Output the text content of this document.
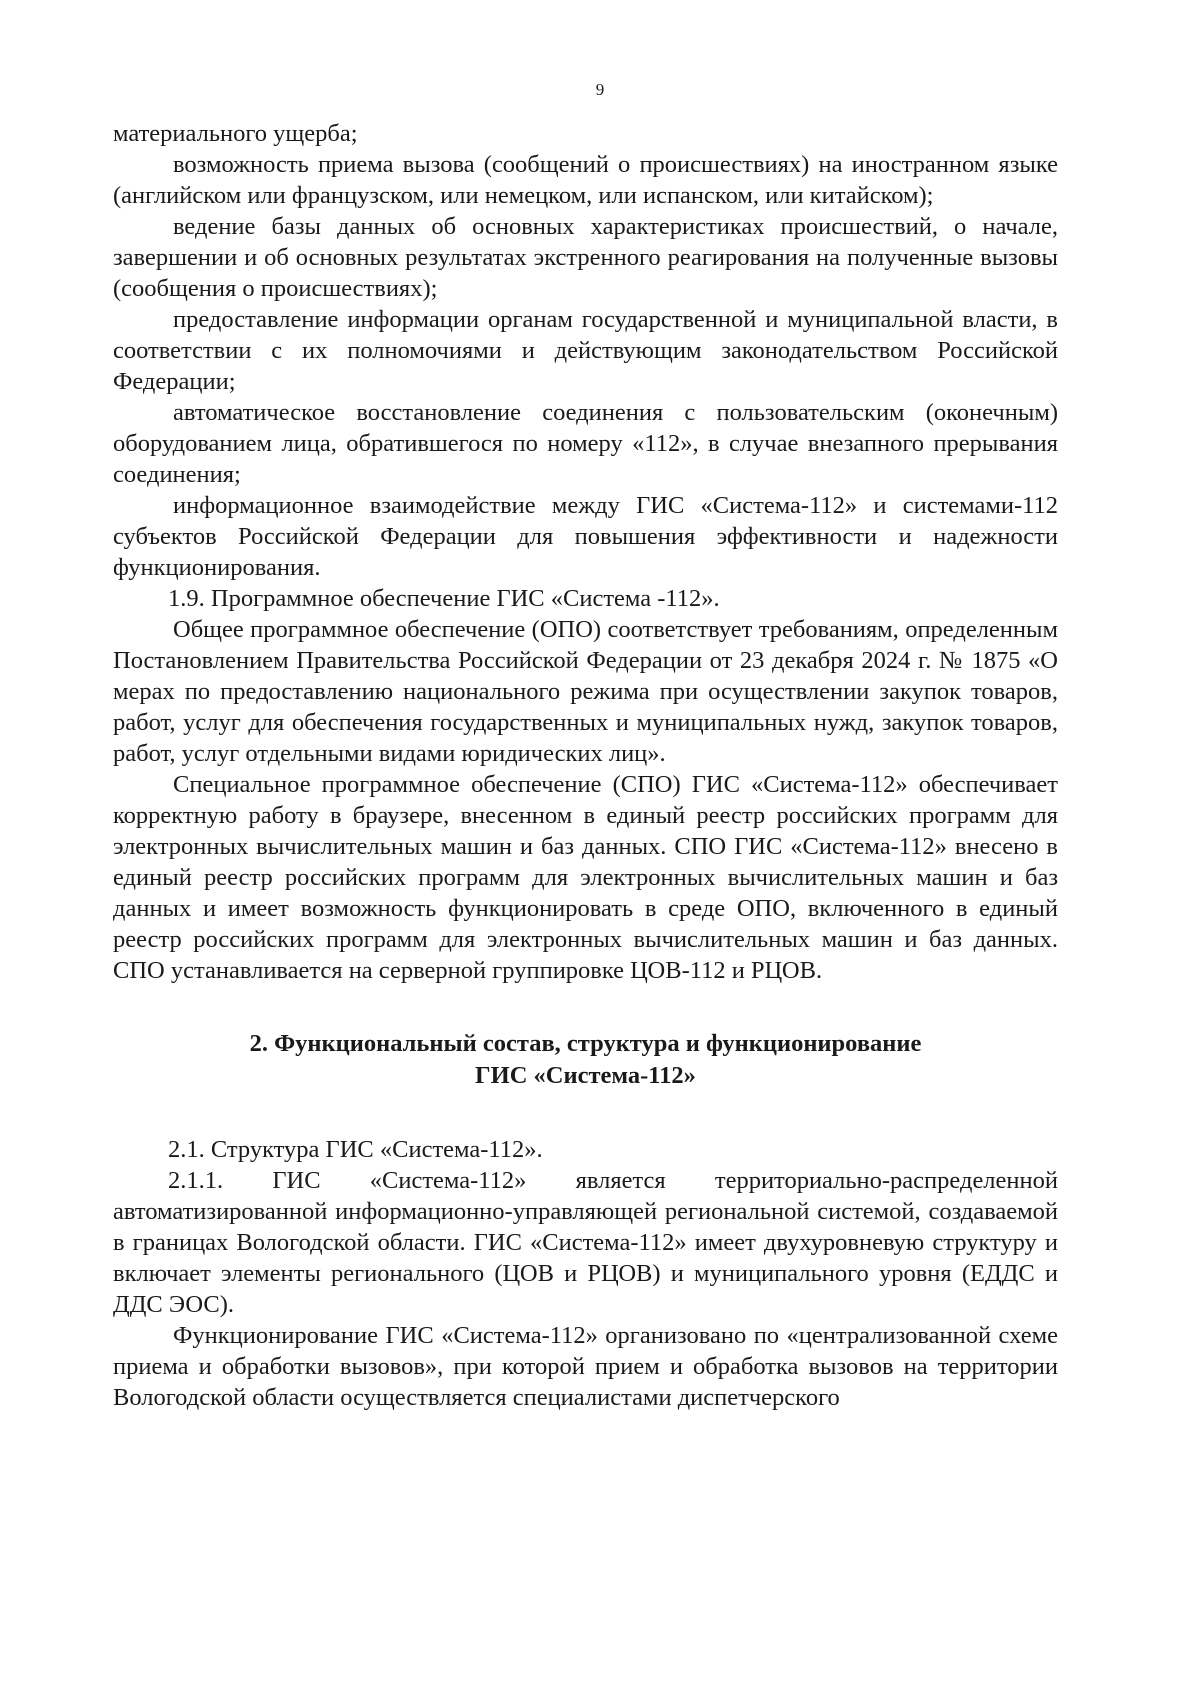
9

материального ущерба;

возможность приема вызова (сообщений о происшествиях) на иностранном языке (английском или французском, или немецком, или испанском, или китайском);

ведение базы данных об основных характеристиках происшествий, о начале, завершении и об основных результатах экстренного реагирования на полученные вызовы (сообщения о происшествиях);

предоставление информации органам государственной и муниципальной власти, в соответствии с их полномочиями и действующим законодательством Российской Федерации;

автоматическое восстановление соединения с пользовательским (оконечным) оборудованием лица, обратившегося по номеру «112», в случае внезапного прерывания соединения;

информационное взаимодействие между ГИС «Система-112» и системами-112 субъектов Российской Федерации для повышения эффективности и надежности функционирования.

1.9. Программное обеспечение ГИС «Система -112».

Общее программное обеспечение (ОПО) соответствует требованиям, определенным Постановлением Правительства Российской Федерации от 23 декабря 2024 г. № 1875 «О мерах по предоставлению национального режима при осуществлении закупок товаров, работ, услуг для обеспечения государственных и муниципальных нужд, закупок товаров, работ, услуг отдельными видами юридических лиц».

Специальное программное обеспечение (СПО) ГИС «Система-112» обеспечивает корректную работу в браузере, внесенном в единый реестр российских программ для электронных вычислительных машин и баз данных. СПО ГИС «Система-112» внесено в единый реестр российских программ для электронных вычислительных машин и баз данных и имеет возможность функционировать в среде ОПО, включенного в единый реестр российских программ для электронных вычислительных машин и баз данных. СПО устанавливается на серверной группировке ЦОВ-112 и РЦОВ.

2. Функциональный состав, структура и функционирование
ГИС «Система-112»

2.1. Структура ГИС «Система-112».

2.1.1. ГИС «Система-112» является территориально-распределенной автоматизированной информационно-управляющей региональной системой, создаваемой в границах Вологодской области. ГИС «Система-112» имеет двухуровневую структуру и включает элементы регионального (ЦОВ и РЦОВ) и муниципального уровня (ЕДДС и ДДС ЭОС).

Функционирование ГИС «Система-112» организовано по «централизованной схеме приема и обработки вызовов», при которой прием и обработка вызовов на территории Вологодской области осуществляется специалистами диспетчерского
